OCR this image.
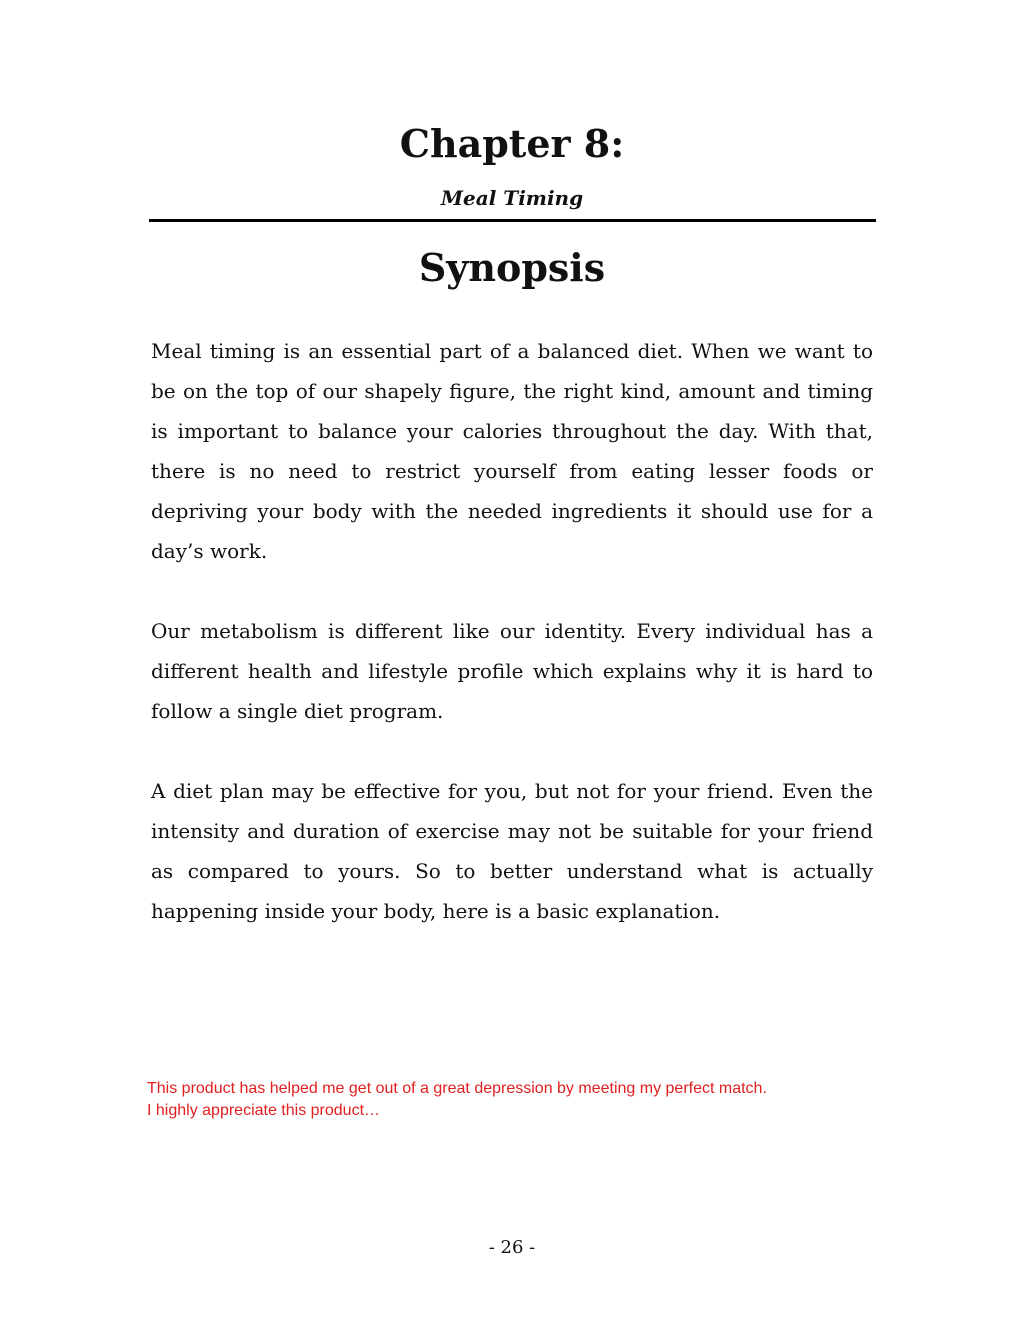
Chapter 8:
Meal Timing
Synopsis

Meal timing is an essential part of a balanced diet. When we want to be on the top of our shapely figure, the right kind, amount and timing is important to balance your calories throughout the day. With that, there is no need to restrict yourself from eating lesser foods or depriving your body with the needed ingredients it should use for a day’s work.

Our metabolism is different like our identity. Every individual has a different health and lifestyle profile which explains why it is hard to follow a single diet program.

A diet plan may be effective for you, but not for your friend. Even the intensity and duration of exercise may not be suitable for your friend as compared to yours. So to better understand what is actually happening inside your body, here is a basic explanation.

This product has helped me get out of a great depression by meeting my perfect match.
I highly appreciate this product…
- 26 -
